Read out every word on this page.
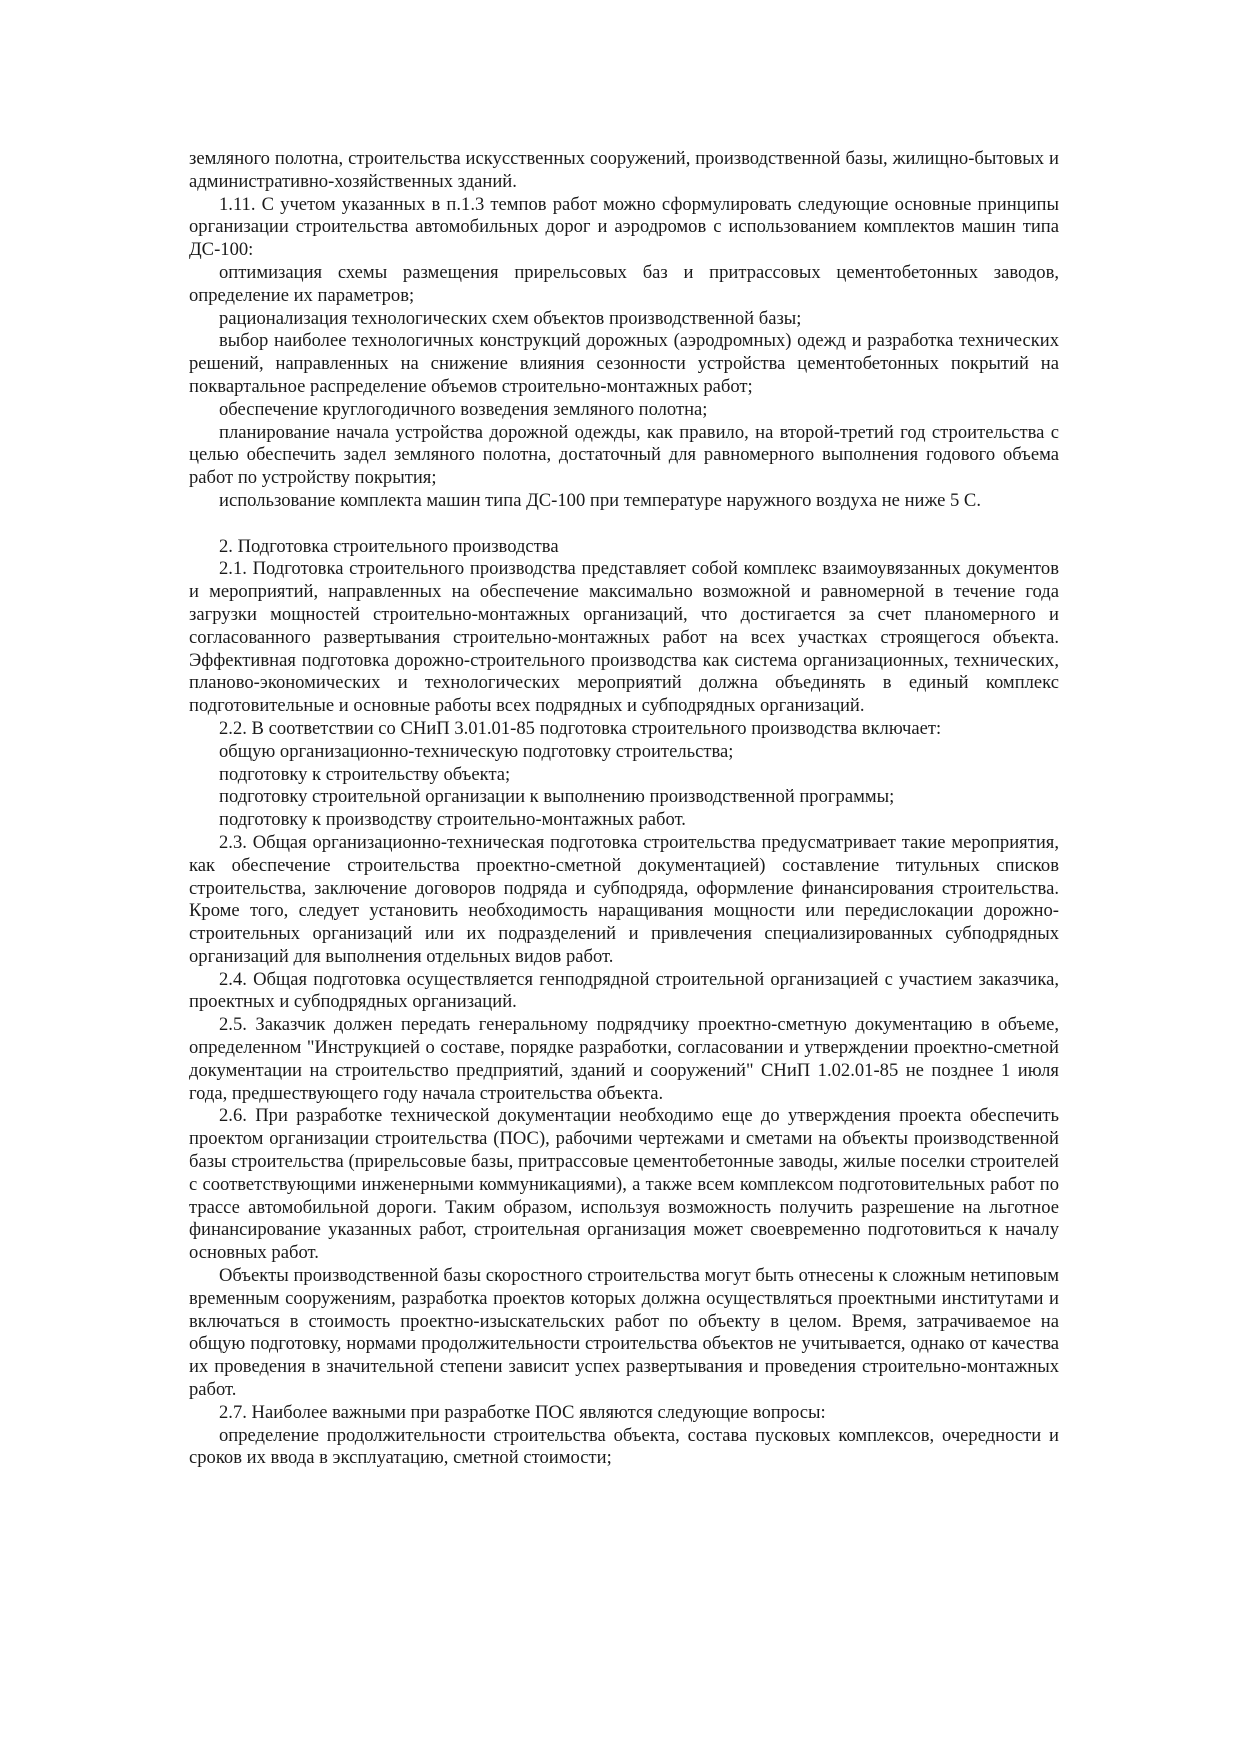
земляного полотна, строительства искусственных сооружений, производственной базы, жилищно-бытовых и административно-хозяйственных зданий.

1.11. С учетом указанных в п.1.3 темпов работ можно сформулировать следующие основные принципы организации строительства автомобильных дорог и аэродромов с использованием комплектов машин типа ДС-100:

оптимизация схемы размещения прирельсовых баз и притрассовых цементобетонных заводов, определение их параметров;

рационализация технологических схем объектов производственной базы;

выбор наиболее технологичных конструкций дорожных (аэродромных) одежд и разработка технических решений, направленных на снижение влияния сезонности устройства цементобетонных покрытий на поквартальное распределение объемов строительно-монтажных работ;

обеспечение круглогодичного возведения земляного полотна;

планирование начала устройства дорожной одежды, как правило, на второй-третий год строительства с целью обеспечить задел земляного полотна, достаточный для равномерного выполнения годового объема работ по устройству покрытия;

использование комплекта машин типа ДС-100 при температуре наружного воздуха не ниже 5 С.

2. Подготовка строительного производства

2.1. Подготовка строительного производства представляет собой комплекс взаимоувязанных документов и мероприятий, направленных на обеспечение максимально возможной и равномерной в течение года загрузки мощностей строительно-монтажных организаций, что достигается за счет планомерного и согласованного развертывания строительно-монтажных работ на всех участках строящегося объекта. Эффективная подготовка дорожно-строительного производства как система организационных, технических, планово-экономических и технологических мероприятий должна объединять в единый комплекс подготовительные и основные работы всех подрядных и субподрядных организаций.

2.2. В соответствии со СНиП 3.01.01-85 подготовка строительного производства включает:

общую организационно-техническую подготовку строительства;

подготовку к строительству объекта;

подготовку строительной организации к выполнению производственной программы;

подготовку к производству строительно-монтажных работ.

2.3. Общая организационно-техническая подготовка строительства предусматривает такие мероприятия, как обеспечение строительства проектно-сметной документацией) составление титульных списков строительства, заключение договоров подряда и субподряда, оформление финансирования строительства. Кроме того, следует установить необходимость наращивания мощности или передислокации дорожно-строительных организаций или их подразделений и привлечения специализированных субподрядных организаций для выполнения отдельных видов работ.

2.4. Общая подготовка осуществляется генподрядной строительной организацией с участием заказчика, проектных и субподрядных организаций.

2.5. Заказчик должен передать генеральному подрядчику проектно-сметную документацию в объеме, определенном "Инструкцией о составе, порядке разработки, согласовании и утверждении проектно-сметной документации на строительство предприятий, зданий и сооружений" СНиП 1.02.01-85 не позднее 1 июля года, предшествующего году начала строительства объекта.

2.6. При разработке технической документации необходимо еще до утверждения проекта обеспечить проектом организации строительства (ПОС), рабочими чертежами и сметами на объекты производственной базы строительства (прирельсовые базы, притрассовые цементобетонные заводы, жилые поселки строителей с соответствующими инженерными коммуникациями), а также всем комплексом подготовительных работ по трассе автомобильной дороги. Таким образом, используя возможность получить разрешение на льготное финансирование указанных работ, строительная организация может своевременно подготовиться к началу основных работ.

Объекты производственной базы скоростного строительства могут быть отнесены к сложным нетиповым временным сооружениям, разработка проектов которых должна осуществляться проектными институтами и включаться в стоимость проектно-изыскательских работ по объекту в целом. Время, затрачиваемое на общую подготовку, нормами продолжительности строительства объектов не учитывается, однако от качества их проведения в значительной степени зависит успех развертывания и проведения строительно-монтажных работ.

2.7. Наиболее важными при разработке ПОС являются следующие вопросы:

определение продолжительности строительства объекта, состава пусковых комплексов, очередности и сроков их ввода в эксплуатацию, сметной стоимости;
